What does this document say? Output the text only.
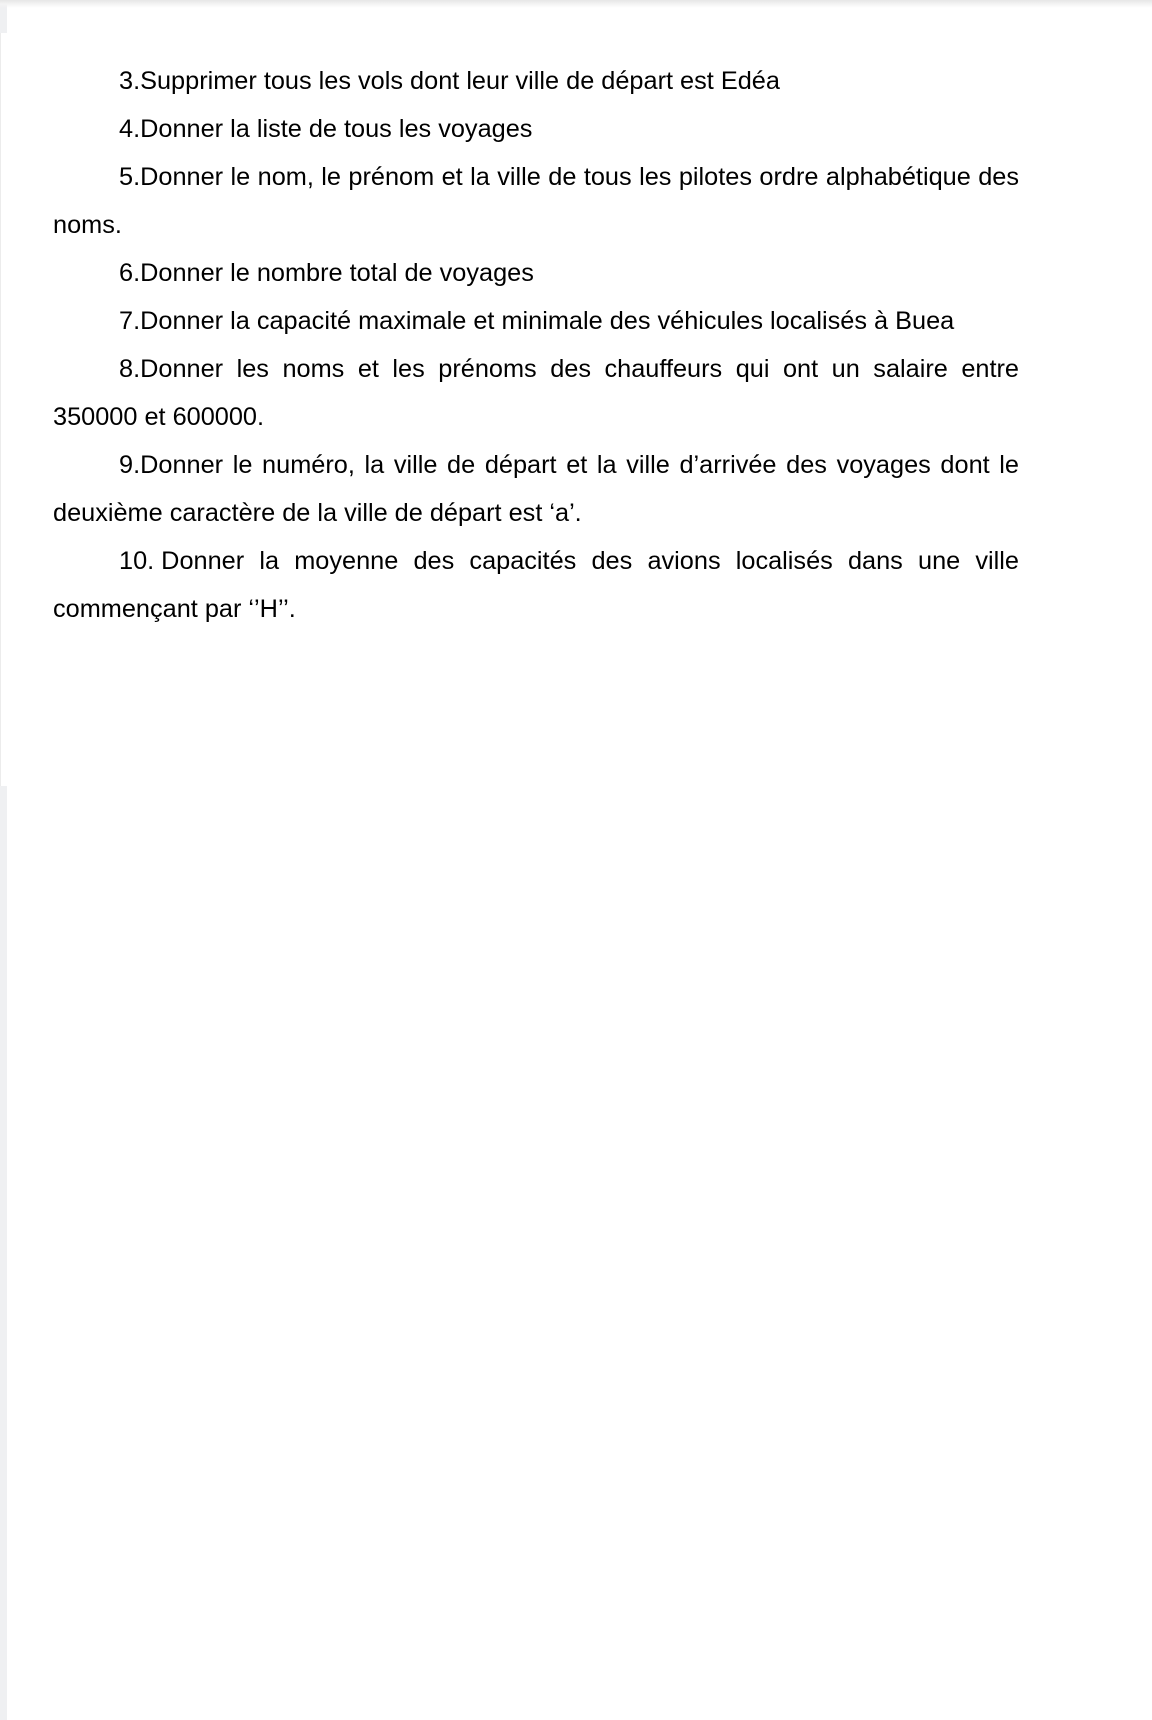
3.Supprimer tous les vols dont leur ville de départ est Edéa

4.Donner la liste de tous les voyages

5.Donner le nom, le prénom et la ville de tous les pilotes ordre alphabétique des noms.

6.Donner le nombre total de voyages

7.Donner la capacité maximale et minimale des véhicules localisés à Buea

8.Donner les noms et les prénoms des chauffeurs qui ont un salaire entre 350000 et 600000.

9.Donner le numéro, la ville de départ et la ville d’arrivée des voyages dont le deuxième caractère de la ville de départ est ‘a’.

10. Donner la moyenne des capacités des avions localisés dans une ville commençant par ‘’H’’.
